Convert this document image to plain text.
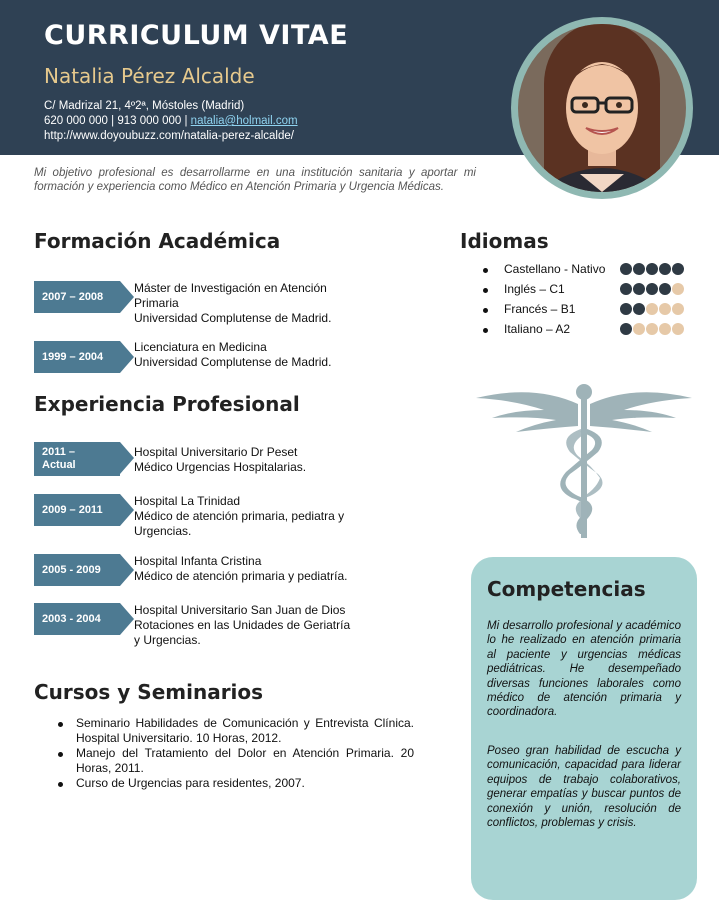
CURRICULUM VITAE
Natalia Pérez Alcalde
C/ Madrizal 21, 4º2ª, Móstoles (Madrid)
620 000 000 | 913 000 000 | natalia@holmail.com
http://www.doyoubuzz.com/natalia-perez-alcalde/
Mi objetivo profesional es desarrollarme en una institución sanitaria y aportar mi formación y experiencia como Médico en Atención Primaria y Urgencia Médicas.
Formación Académica
2007 – 2008
Máster de Investigación en Atención
Primaria
Universidad Complutense de Madrid.
1999 – 2004
Licenciatura en Medicina
Universidad Complutense de Madrid.
Experiencia Profesional
2011 –
Actual
Hospital Universitario Dr Peset
Médico Urgencias Hospitalarias.
2009 – 2011
Hospital La Trinidad
Médico de atención primaria, pediatra y
Urgencias.
2005 - 2009
Hospital Infanta Cristina
Médico de atención primaria y pediatría.
2003 - 2004
Hospital Universitario San Juan de Dios
Rotaciones en las Unidades de Geriatría
y Urgencias.
Cursos y Seminarios
Seminario Habilidades de Comunicación y Entrevista Clínica. Hospital Universitario. 10 Horas, 2012.
Manejo del Tratamiento del Dolor en Atención Primaria. 20 Horas, 2011.
Curso de Urgencias para residentes, 2007.
Idiomas
Castellano - Nativo
Inglés – C1
Francés – B1
Italiano – A2
Competencias
Mi desarrollo profesional y académico lo he realizado en atención primaria al paciente y urgencias médicas pediátricas. He desempeñado diversas funciones laborales como médico de atención primaria y coordinadora.
Poseo gran habilidad de escucha y comunicación, capacidad para liderar equipos de trabajo colaborativos, generar empatías y buscar puntos de conexión y unión, resolución de conflictos, problemas y crisis.
